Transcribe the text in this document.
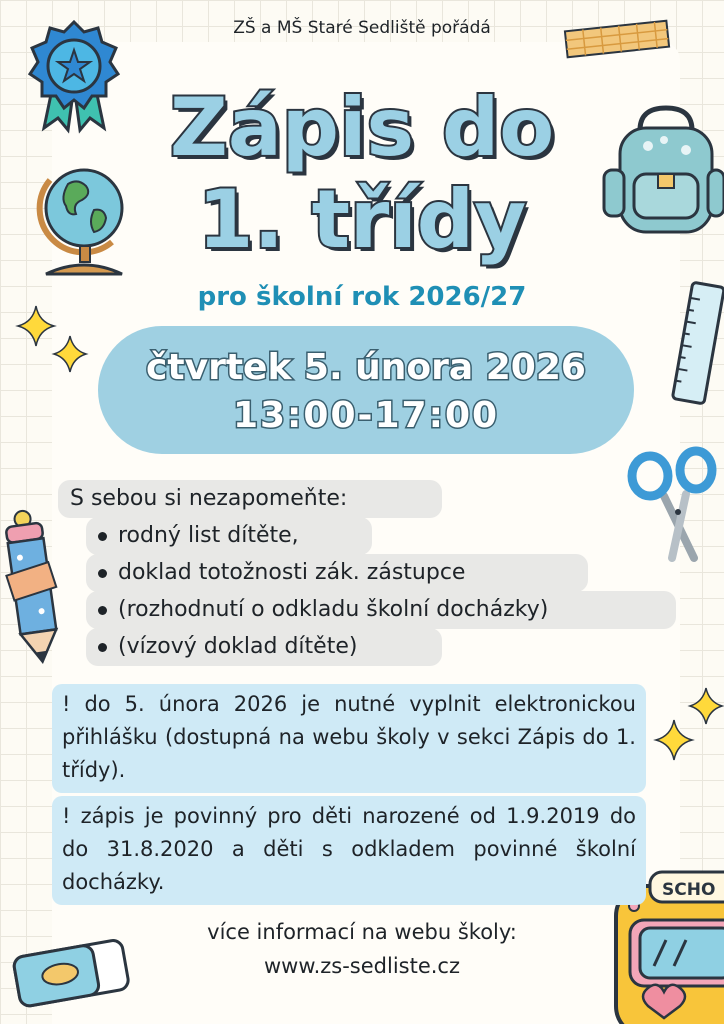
SCHO
ZŠ a MŠ Staré Sedliště pořádá
Zápis do
1. třídy
pro školní rok 2026/27
čtvrtek 5. února 2026
13:00-17:00
S sebou si nezapomeňte:
rodný list dítěte,
doklad totožnosti zák. zástupce
(rozhodnutí o odkladu školní docházky)
(vízový doklad dítěte)

! do 5. února 2026 je nutné vyplnit elektronickou přihlášku (dostupná na webu školy v sekci Zápis do 1. třídy).

! zápis je povinný pro děti narozené od 1.9.2019 do do 31.8.2020 a děti s odkladem povinné školní docházky.

více informací na webu školy:
www.zs-sedliste.cz
